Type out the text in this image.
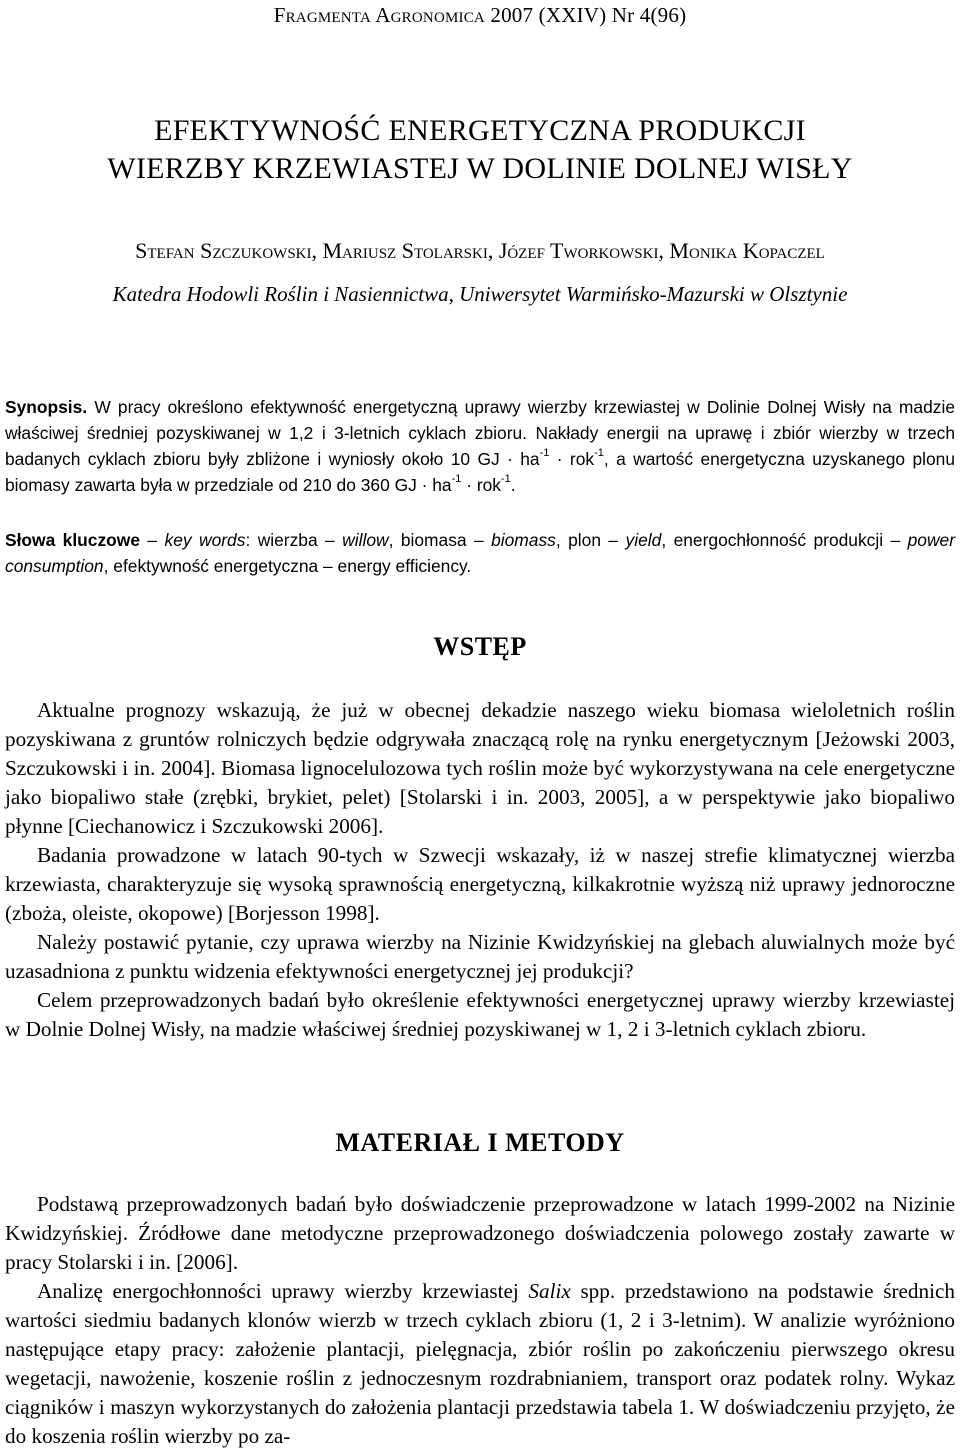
Fragmenta Agronomica 2007 (XXIV) Nr 4(96)
EFEKTYWNOŚĆ ENERGETYCZNA PRODUKCJI
WIERZBY KRZEWIASTEJ W DOLINIE DOLNEJ WISŁY
Stefan Szczukowski, Mariusz Stolarski, Józef Tworkowski, Monika Kopaczel
Katedra Hodowli Roślin i Nasiennictwa, Uniwersytet Warmińsko-Mazurski w Olsztynie
Synopsis. W pracy określono efektywność energetyczną uprawy wierzby krzewiastej w Dolinie Dolnej Wisły na madzie właściwej średniej pozyskiwanej w 1,2 i 3-letnich cyklach zbioru. Nakłady energii na uprawę i zbiór wierzby w trzech badanych cyklach zbioru były zbliżone i wyniosły około 10 GJ · $ha^{-1} \cdot rok^{-1}$, a wartość energetyczna uzyskanego plonu biomasy zawarta była w przedziale od 210 do 360 GJ · $ha^{-1} \cdot rok^{-1}$.
Słowa kluczowe – key words: wierzba – willow, biomasa – biomass, plon – yield, energochłonność produkcji – power consumption, efektywność energetyczna – energy efficiency.
WSTĘP

Aktualne prognozy wskazują, że już w obecnej dekadzie naszego wieku biomasa wieloletnich roślin pozyskiwana z gruntów rolniczych będzie odgrywała znaczącą rolę na rynku energetycznym [Jeżowski 2003, Szczukowski i in. 2004]. Biomasa lignocelulozowa tych roślin może być wykorzystywana na cele energetyczne jako biopaliwo stałe (zrębki, brykiet, pelet) [Stolarski i in. 2003, 2005], a w perspektywie jako biopaliwo płynne [Ciechanowicz i Szczukowski 2006].

Badania prowadzone w latach 90-tych w Szwecji wskazały, iż w naszej strefie klimatycznej wierzba krzewiasta, charakteryzuje się wysoką sprawnością energetyczną, kilkakrotnie wyższą niż uprawy jednoroczne (zboża, oleiste, okopowe) [Borjesson 1998].

Należy postawić pytanie, czy uprawa wierzby na Nizinie Kwidzyńskiej na glebach aluwialnych może być uzasadniona z punktu widzenia efektywności energetycznej jej produkcji?

Celem przeprowadzonych badań było określenie efektywności energetycznej uprawy wierzby krzewiastej w Dolnie Dolnej Wisły, na madzie właściwej średniej pozyskiwanej w 1, 2 i 3-letnich cyklach zbioru.

MATERIAŁ I METODY

Podstawą przeprowadzonych badań było doświadczenie przeprowadzone w latach 1999-2002 na Nizinie Kwidzyńskiej. Źródłowe dane metodyczne przeprowadzonego doświadczenia polowego zostały zawarte w pracy Stolarski i in. [2006].

Analizę energochłonności uprawy wierzby krzewiastej Salix spp. przedstawiono na podstawie średnich wartości siedmiu badanych klonów wierzb w trzech cyklach zbioru (1, 2 i 3-letnim). W analizie wyróżniono następujące etapy pracy: założenie plantacji, pielęgnacja, zbiór roślin po zakończeniu pierwszego okresu wegetacji, nawożenie, koszenie roślin z jednoczesnym rozdrabnianiem, transport oraz podatek rolny. Wykaz ciągników i maszyn wykorzystanych do założenia plantacji przedstawia tabela 1. W doświadczeniu przyjęto, że do koszenia roślin wierzby po za-
